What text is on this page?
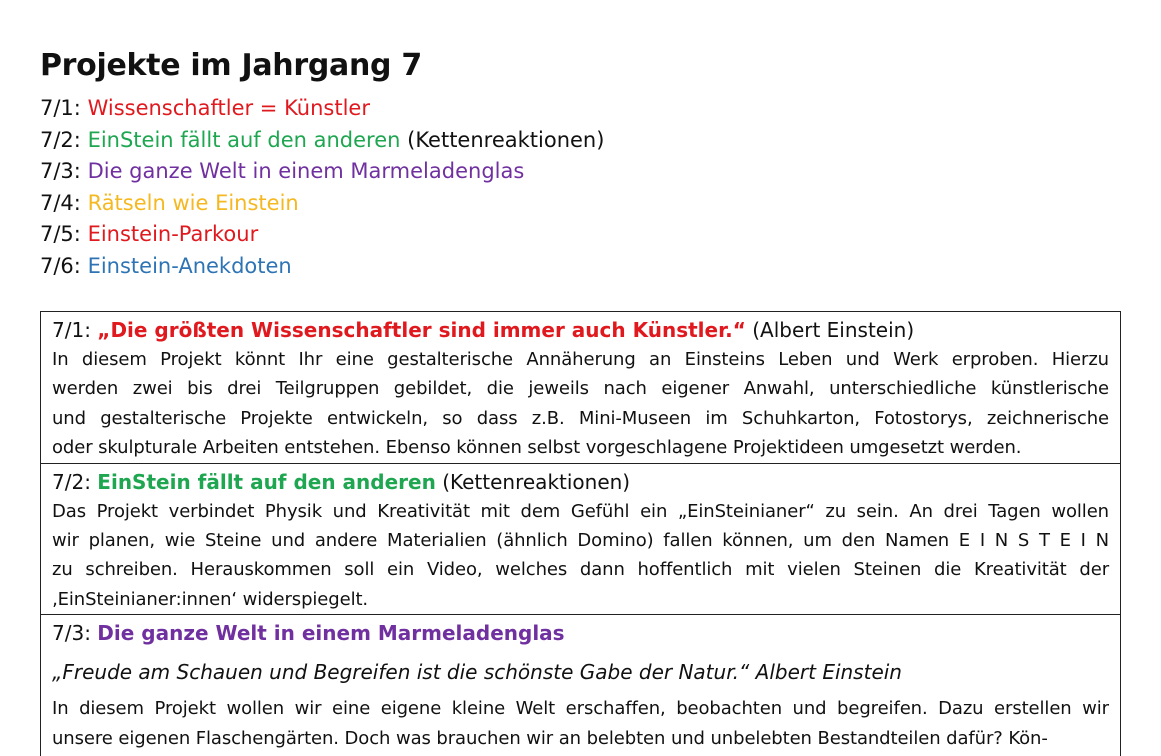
Projekte im Jahrgang 7
7/1: Wissenschaftler = Künstler
7/2: EinStein fällt auf den anderen (Kettenreaktionen)
7/3: Die ganze Welt in einem Marmeladenglas
7/4: Rätseln wie Einstein
7/5: Einstein-Parkour
7/6: Einstein-Anekdoten
7/1: „Die größten Wissenschaftler sind immer auch Künstler.“ (Albert Einstein)
In diesem Projekt könnt Ihr eine gestalterische Annäherung an Einsteins Leben und Werk erproben. Hierzu
werden zwei bis drei Teilgruppen gebildet, die jeweils nach eigener Anwahl, unterschiedliche künstlerische
und gestalterische Projekte entwickeln, so dass z.B. Mini-Museen im Schuhkarton, Fotostorys, zeichnerische
oder skulpturale Arbeiten entstehen. Ebenso können selbst vorgeschlagene Projektideen umgesetzt werden.

7/2: EinStein fällt auf den anderen (Kettenreaktionen)
Das Projekt verbindet Physik und Kreativität mit dem Gefühl ein „EinSteinianer“ zu sein. An drei Tagen wollen
wir planen, wie Steine und andere Materialien (ähnlich Domino) fallen können, um den Namen E I N S T E I N
zu schreiben. Herauskommen soll ein Video, welches dann hoffentlich mit vielen Steinen die Kreativität der
‚EinSteinianer:innen‘ widerspiegelt.

7/3: Die ganze Welt in einem Marmeladenglas
„Freude am Schauen und Begreifen ist die schönste Gabe der Natur.“ Albert Einstein
In diesem Projekt wollen wir eine eigene kleine Welt erschaffen, beobachten und begreifen. Dazu erstellen wir
unsere eigenen Flaschengärten. Doch was brauchen wir an belebten und unbelebten Bestandteilen dafür? Kön-
